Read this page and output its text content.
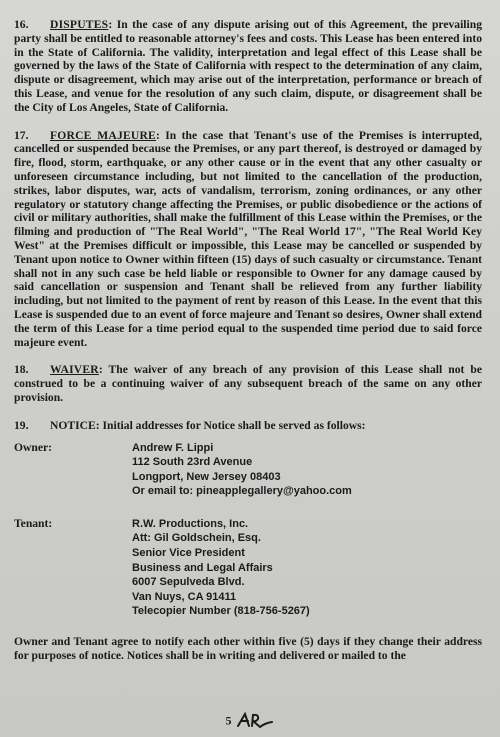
16. DISPUTES: In the case of any dispute arising out of this Agreement, the prevailing party shall be entitled to reasonable attorney's fees and costs. This Lease has been entered into in the State of California. The validity, interpretation and legal effect of this Lease shall be governed by the laws of the State of California with respect to the determination of any claim, dispute or disagreement, which may arise out of the interpretation, performance or breach of this Lease, and venue for the resolution of any such claim, dispute, or disagreement shall be the City of Los Angeles, State of California.
17. FORCE MAJEURE: In the case that Tenant's use of the Premises is interrupted, cancelled or suspended because the Premises, or any part thereof, is destroyed or damaged by fire, flood, storm, earthquake, or any other cause or in the event that any other casualty or unforeseen circumstance including, but not limited to the cancellation of the production, strikes, labor disputes, war, acts of vandalism, terrorism, zoning ordinances, or any other regulatory or statutory change affecting the Premises, or public disobedience or the actions of civil or military authorities, shall make the fulfillment of this Lease within the Premises, or the filming and production of "The Real World", "The Real World 17", "The Real World Key West" at the Premises difficult or impossible, this Lease may be cancelled or suspended by Tenant upon notice to Owner within fifteen (15) days of such casualty or circumstance. Tenant shall not in any such case be held liable or responsible to Owner for any damage caused by said cancellation or suspension and Tenant shall be relieved from any further liability including, but not limited to the payment of rent by reason of this Lease. In the event that this Lease is suspended due to an event of force majeure and Tenant so desires, Owner shall extend the term of this Lease for a time period equal to the suspended time period due to said force majeure event.
18. WAIVER: The waiver of any breach of any provision of this Lease shall not be construed to be a continuing waiver of any subsequent breach of the same on any other provision.
19. NOTICE: Initial addresses for Notice shall be served as follows:
Owner:	Andrew F. Lippi
112 South 23rd Avenue
Longport, New Jersey 08403
Or email to: pineapplegallery@yahoo.com
Tenant:	R.W. Productions, Inc.
Att: Gil Goldschein, Esq.
Senior Vice President
Business and Legal Affairs
6007 Sepulveda Blvd.
Van Nuys, CA 91411
Telecopier Number (818-756-5267)
Owner and Tenant agree to notify each other within five (5) days if they change their address for purposes of notice. Notices shall be in writing and delivered or mailed to the
5
